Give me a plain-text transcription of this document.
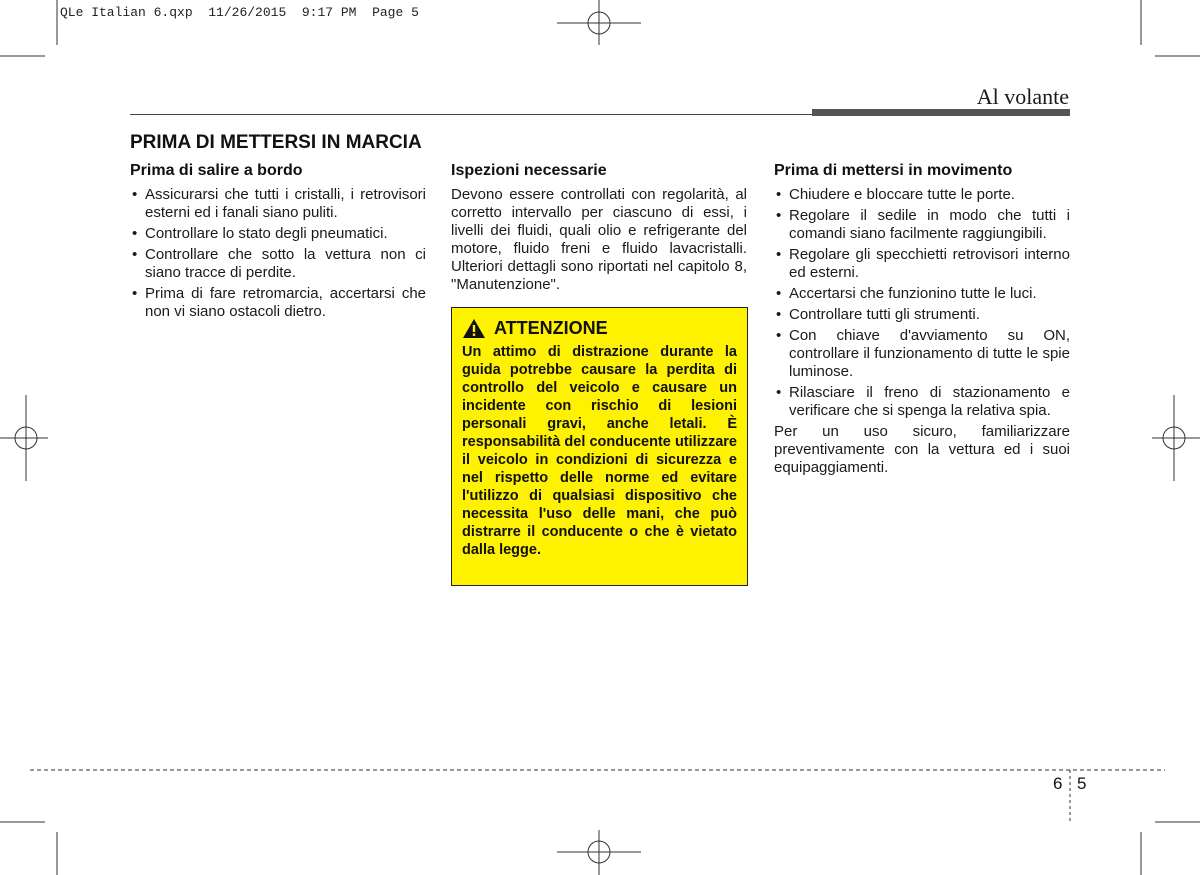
QLe Italian 6.qxp 11/26/2015 9:17 PM Page 5
Al volante
PRIMA DI METTERSI IN MARCIA
Prima di salire a bordo
• Assicurarsi che tutti i cristalli, i retrovisori esterni ed i fanali siano puliti.
• Controllare lo stato degli pneumatici.
• Controllare che sotto la vettura non ci siano tracce di perdite.
• Prima di fare retromarcia, accertarsi che non vi siano ostacoli dietro.
Ispezioni necessarie

Devono essere controllati con regolarità, al corretto intervallo per ciascuno di essi, i livelli dei fluidi, quali olio e refrigerante del motore, fluido freni e fluido lavacristalli. Ulteriori dettagli sono riportati nel capitolo 8, "Manutenzione".

ATTENZIONE
Un attimo di distrazione durante la guida potrebbe causare la perdita di controllo del veicolo e causare un incidente con rischio di lesioni personali gravi, anche letali. È responsabilità del conducente utilizzare il veicolo in condizioni di sicurezza e nel rispetto delle norme ed evitare l'utilizzo di qualsiasi dispositivo che necessita l'uso delle mani, che può distrarre il conducente o che è vietato dalla legge.
Prima di mettersi in movimento
• Chiudere e bloccare tutte le porte.
• Regolare il sedile in modo che tutti i comandi siano facilmente raggiungibili.
• Regolare gli specchietti retrovisori interno ed esterni.
• Accertarsi che funzionino tutte le luci.
• Controllare tutti gli strumenti.
• Con chiave d'avviamento su ON, controllare il funzionamento di tutte le spie luminose.
• Rilasciare il freno di stazionamento e verificare che si spenga la relativa spia.

Per un uso sicuro, familiarizzare preventivamente con la vettura ed i suoi equipaggiamenti.

6 5
